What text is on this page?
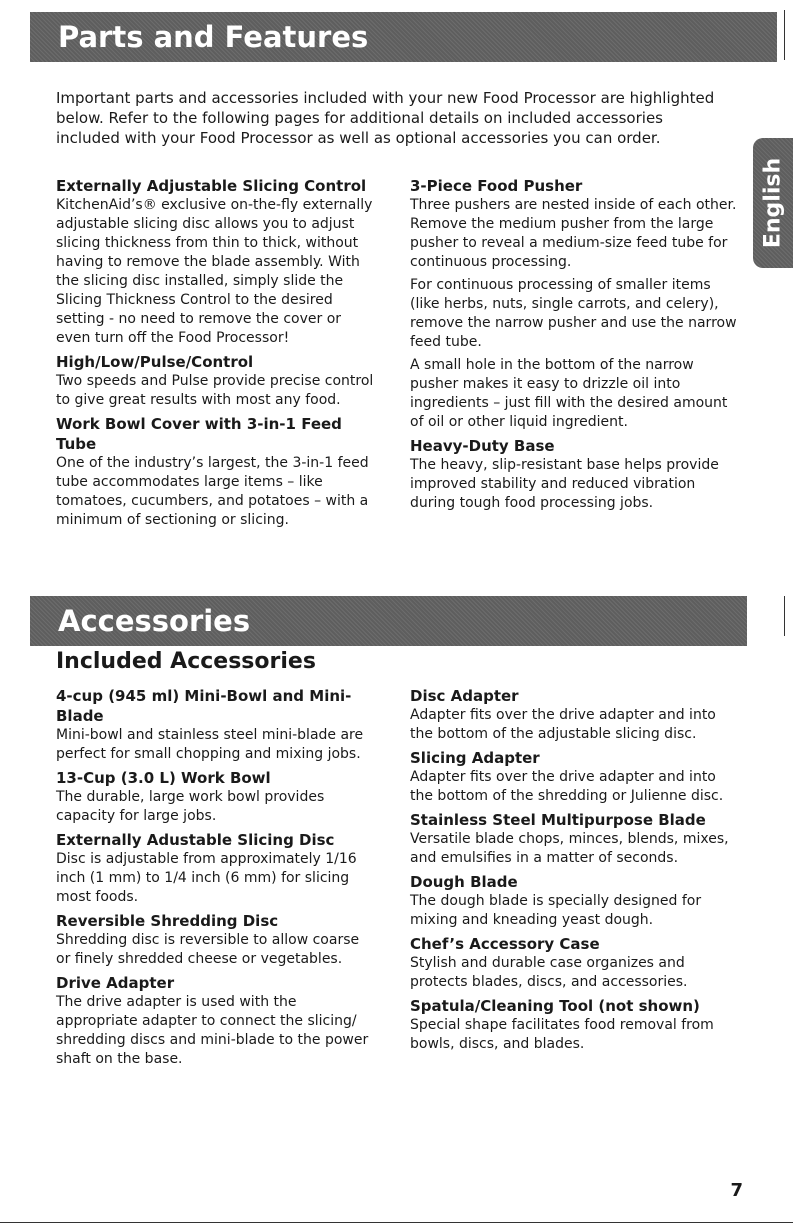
Parts and Features
English

Important parts and accessories included with your new Food Processor are highlighted below. Refer to the following pages for additional details on included accessories included with your Food Processor as well as optional accessories you can order.

Externally Adjustable Slicing Control

KitchenAid’s® exclusive on-the-fly externally adjustable slicing disc allows you to adjust slicing thickness from thin to thick, without having to remove the blade assembly. With the slicing disc installed, simply slide the Slicing Thickness Control to the desired setting - no need to remove the cover or even turn off the Food Processor!

High/Low/Pulse/Control

Two speeds and Pulse provide precise control to give great results with most any food.

Work Bowl Cover with 3-in-1 Feed Tube

One of the industry’s largest, the 3-in-1 feed tube accommodates large items – like tomatoes, cucumbers, and potatoes – with a minimum of sectioning or slicing.

3-Piece Food Pusher

Three pushers are nested inside of each other. Remove the medium pusher from the large pusher to reveal a medium-size feed tube for continuous processing.

For continuous processing of smaller items (like herbs, nuts, single carrots, and celery), remove the narrow pusher and use the narrow feed tube.

A small hole in the bottom of the narrow pusher makes it easy to drizzle oil into ingredients – just fill with the desired amount of oil or other liquid ingredient.

Heavy-Duty Base

The heavy, slip-resistant base helps provide improved stability and reduced vibration during tough food processing jobs.

Accessories
Included Accessories
4-cup (945 ml) Mini-Bowl and Mini-Blade

Mini-bowl and stainless steel mini-blade are perfect for small chopping and mixing jobs.

13-Cup (3.0 L) Work Bowl

The durable, large work bowl provides capacity for large jobs.

Externally Adustable Slicing Disc

Disc is adjustable from approximately 1/16 inch (1 mm) to 1/4 inch (6 mm) for slicing most foods.

Reversible Shredding Disc

Shredding disc is reversible to allow coarse or finely shredded cheese or vegetables.

Drive Adapter

The drive adapter is used with the appropriate adapter to connect the slicing/ shredding discs and mini-blade to the power shaft on the base.

Disc Adapter

Adapter fits over the drive adapter and into the bottom of the adjustable slicing disc.

Slicing Adapter

Adapter fits over the drive adapter and into the bottom of the shredding or Julienne disc.

Stainless Steel Multipurpose Blade

Versatile blade chops, minces, blends, mixes, and emulsifies in a matter of seconds.

Dough Blade

The dough blade is specially designed for mixing and kneading yeast dough.

Chef’s Accessory Case

Stylish and durable case organizes and protects blades, discs, and accessories.

Spatula/Cleaning Tool (not shown)

Special shape facilitates food removal from bowls, discs, and blades.

7
